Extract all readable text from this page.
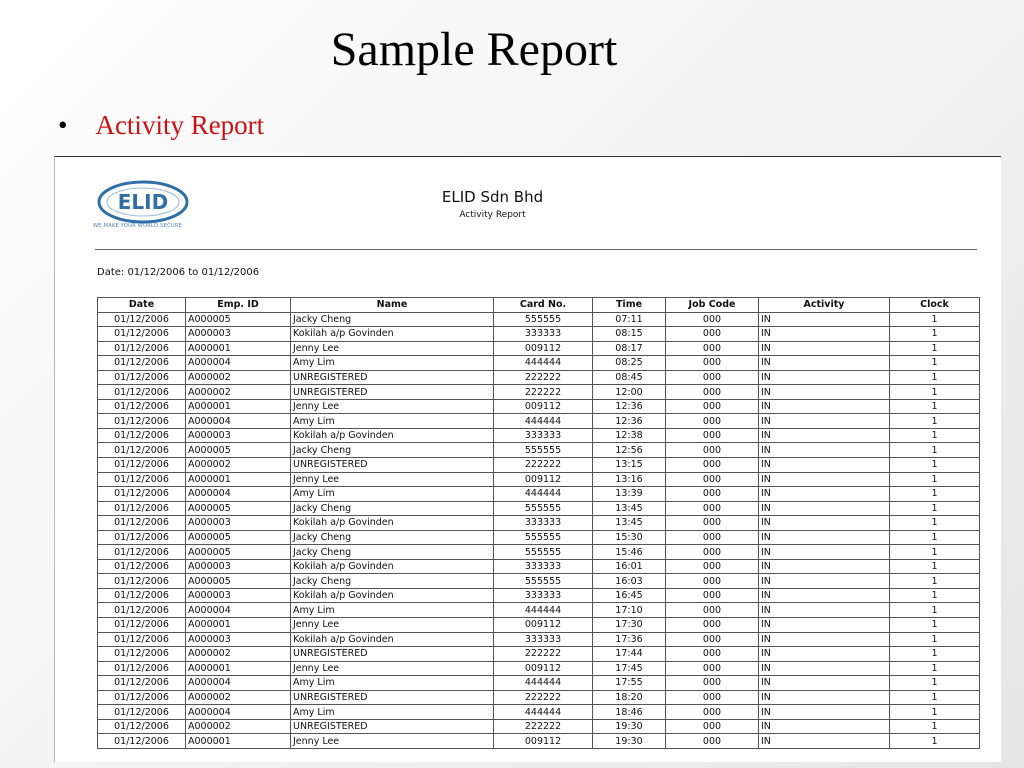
Sample Report
• Activity Report
ELID
WE MAKE YOUR WORLD SECURE
ELID Sdn Bhd
Activity Report
Date: 01/12/2006 to 01/12/2006
Date	Emp. ID	Name	Card No.	Time	Job Code	Activity	Clock
01/12/2006	A000005	Jacky Cheng	555555	07:11	000	IN	1
01/12/2006	A000003	Kokilah a/p Govinden	333333	08:15	000	IN	1
01/12/2006	A000001	Jenny Lee	009112	08:17	000	IN	1
01/12/2006	A000004	Amy Lim	444444	08:25	000	IN	1
01/12/2006	A000002	UNREGISTERED	222222	08:45	000	IN	1
01/12/2006	A000002	UNREGISTERED	222222	12:00	000	IN	1
01/12/2006	A000001	Jenny Lee	009112	12:36	000	IN	1
01/12/2006	A000004	Amy Lim	444444	12:36	000	IN	1
01/12/2006	A000003	Kokilah a/p Govinden	333333	12:38	000	IN	1
01/12/2006	A000005	Jacky Cheng	555555	12:56	000	IN	1
01/12/2006	A000002	UNREGISTERED	222222	13:15	000	IN	1
01/12/2006	A000001	Jenny Lee	009112	13:16	000	IN	1
01/12/2006	A000004	Amy Lim	444444	13:39	000	IN	1
01/12/2006	A000005	Jacky Cheng	555555	13:45	000	IN	1
01/12/2006	A000003	Kokilah a/p Govinden	333333	13:45	000	IN	1
01/12/2006	A000005	Jacky Cheng	555555	15:30	000	IN	1
01/12/2006	A000005	Jacky Cheng	555555	15:46	000	IN	1
01/12/2006	A000003	Kokilah a/p Govinden	333333	16:01	000	IN	1
01/12/2006	A000005	Jacky Cheng	555555	16:03	000	IN	1
01/12/2006	A000003	Kokilah a/p Govinden	333333	16:45	000	IN	1
01/12/2006	A000004	Amy Lim	444444	17:10	000	IN	1
01/12/2006	A000001	Jenny Lee	009112	17:30	000	IN	1
01/12/2006	A000003	Kokilah a/p Govinden	333333	17:36	000	IN	1
01/12/2006	A000002	UNREGISTERED	222222	17:44	000	IN	1
01/12/2006	A000001	Jenny Lee	009112	17:45	000	IN	1
01/12/2006	A000004	Amy Lim	444444	17:55	000	IN	1
01/12/2006	A000002	UNREGISTERED	222222	18:20	000	IN	1
01/12/2006	A000004	Amy Lim	444444	18:46	000	IN	1
01/12/2006	A000002	UNREGISTERED	222222	19:30	000	IN	1
01/12/2006	A000001	Jenny Lee	009112	19:30	000	IN	1
